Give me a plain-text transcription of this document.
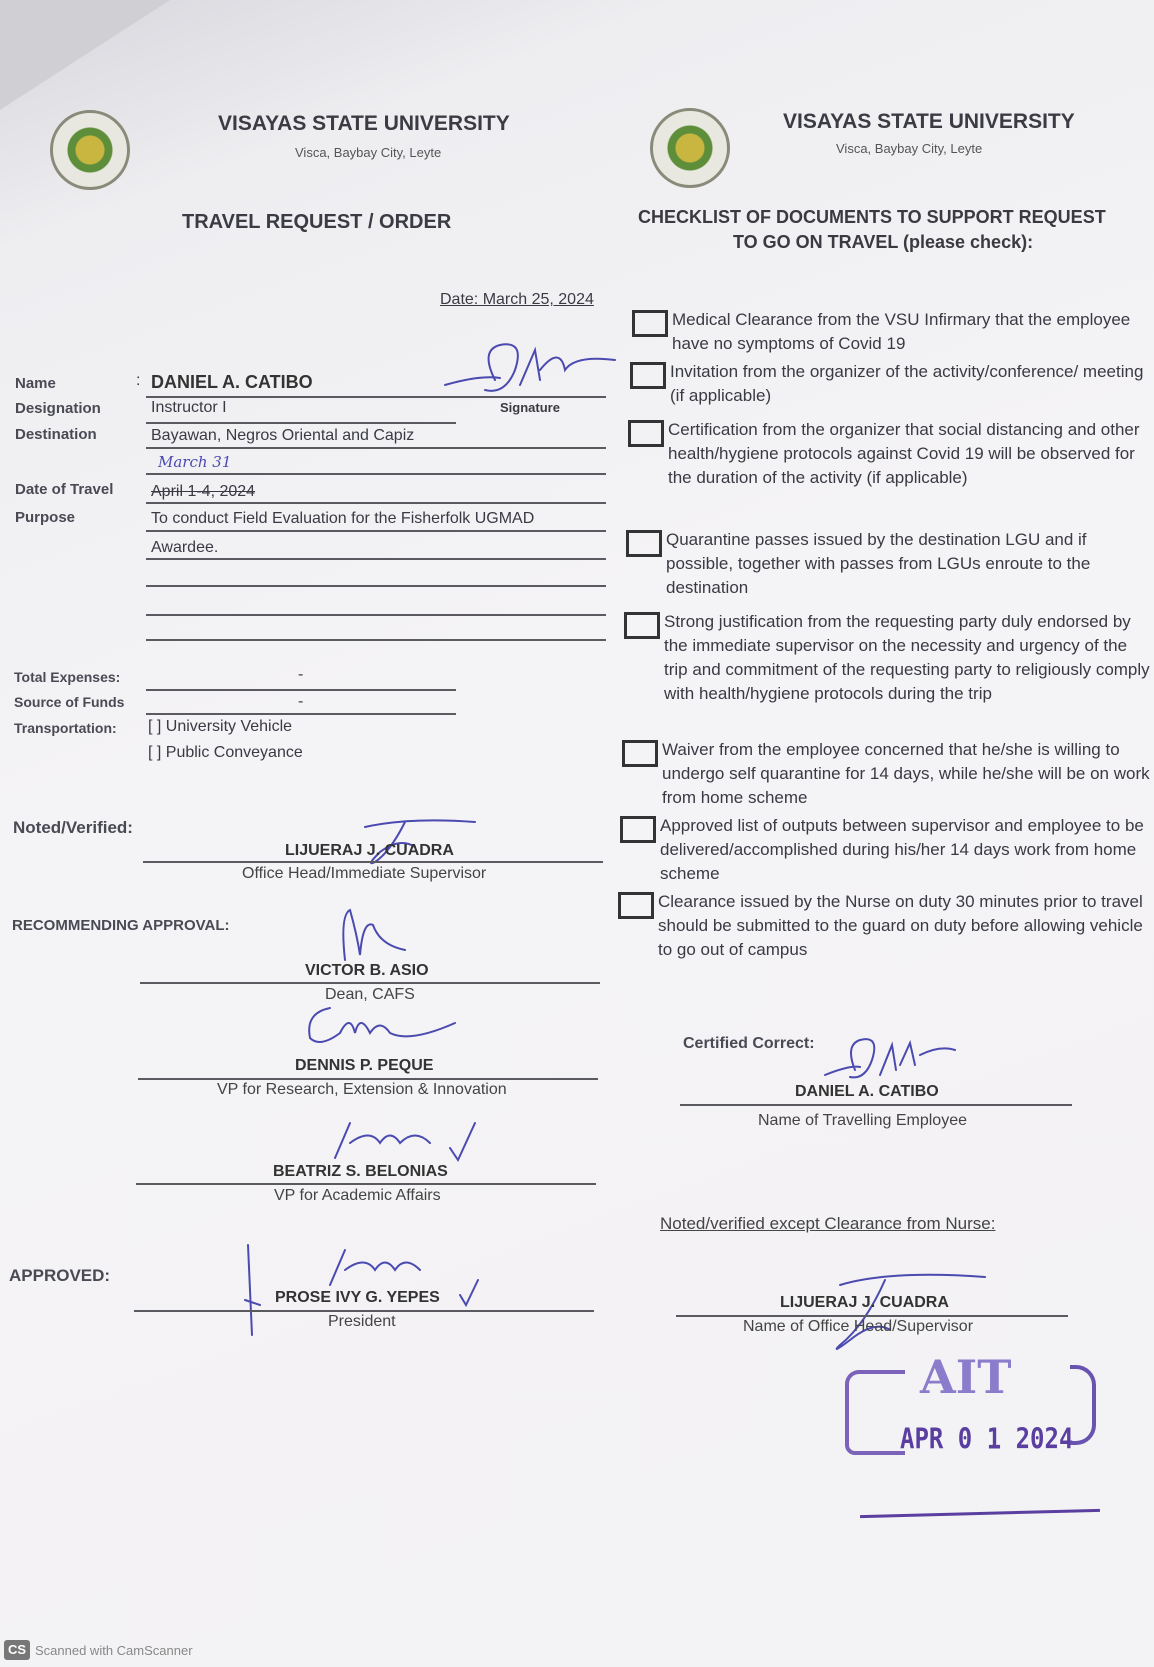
VISAYAS STATE UNIVERSITY
Visca, Baybay City, Leyte
TRAVEL REQUEST / ORDER
Date: March 25, 2024
Name	: DANIEL A. CATIBO
Signature
Designation	Instructor I
Destination	Bayawan, Negros Oriental and Capiz
March 31
Date of Travel April 1-4, 2024
Purpose	To conduct Field Evaluation for the Fisherfolk UGMAD
Awardee.
Total Expenses:	-
Source of Funds	-
Transportation: [ ] University Vehicle
[ ] Public Conveyance
Noted/Verified:
LIJUERAJ J. CUADRA
Office Head/Immediate Supervisor
RECOMMENDING APPROVAL:
VICTOR B. ASIO
Dean, CAFS
DENNIS P. PEQUE
VP for Research, Extension & Innovation
BEATRIZ S. BELONIAS
VP for Academic Affairs
APPROVED:
PROSE IVY G. YEPES
President
VISAYAS STATE UNIVERSITY
Visca, Baybay City, Leyte
CHECKLIST OF DOCUMENTS TO SUPPORT REQUEST
TO GO ON TRAVEL (please check):
Medical Clearance from the VSU Infirmary that the employee have no symptoms of Covid 19
Invitation from the organizer of the activity/conference/ meeting (if applicable)
Certification from the organizer that social distancing and other health/hygiene protocols against Covid 19 will be observed for the duration of the activity (if applicable)
Quarantine passes issued by the destination LGU and if possible, together with passes from LGUs enroute to the destination
Strong justification from the requesting party duly endorsed by the immediate supervisor on the necessity and urgency of the trip and commitment of the requesting party to religiously comply with health/hygiene protocols during the trip
Waiver from the employee concerned that he/she is willing to undergo self quarantine for 14 days, while he/she will be on work from home scheme
Approved list of outputs between supervisor and employee to be delivered/accomplished during his/her 14 days work from home scheme
Clearance issued by the Nurse on duty 30 minutes prior to travel should be submitted to the guard on duty before allowing vehicle to go out of campus
Certified Correct:
DANIEL A. CATIBO
Name of Travelling Employee
Noted/verified except Clearance from Nurse:
LIJUERAJ J. CUADRA
Name of Office Head/Supervisor
AIT
APR 0 1 2024
CS Scanned with CamScanner
